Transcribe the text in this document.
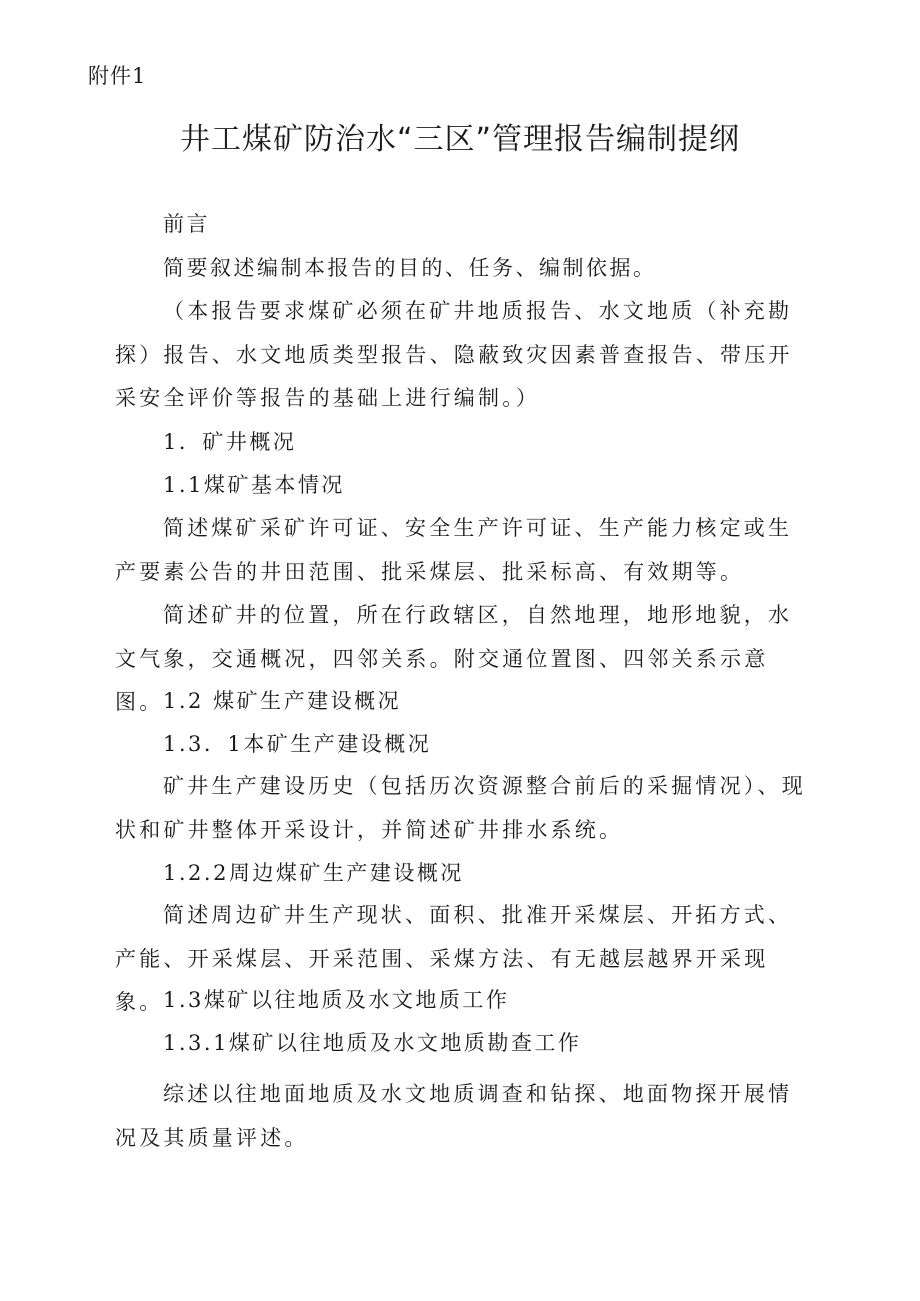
附件1
井工煤矿防治水“三区”管理报告编制提纲
前言
简要叙述编制本报告的目的、任务、编制依据。
（本报告要求煤矿必须在矿井地质报告、水文地质（补充勘探）报告、水文地质类型报告、隐蔽致灾因素普查报告、带压开采安全评价等报告的基础上进行编制。）
1．矿井概况
1.1煤矿基本情况
简述煤矿采矿许可证、安全生产许可证、生产能力核定或生产要素公告的井田范围、批采煤层、批采标高、有效期等。
简述矿井的位置，所在行政辖区，自然地理，地形地貌，水文气象，交通概况，四邻关系。附交通位置图、四邻关系示意图。 1.2 煤矿生产建设概况
1.3．1本矿生产建设概况
矿井生产建设历史（包括历次资源整合前后的采掘情况）、现状和矿井整体开采设计，并简述矿井排水系统。
1.2.2周边煤矿生产建设概况
简述周边矿井生产现状、面积、批准开采煤层、开拓方式、产能、开采煤层、开采范围、采煤方法、有无越层越界开采现象。 1.3煤矿以往地质及水文地质工作
1.3.1煤矿以往地质及水文地质勘查工作
综述以往地面地质及水文地质调查和钻探、地面物探开展情况及其质量评述。
